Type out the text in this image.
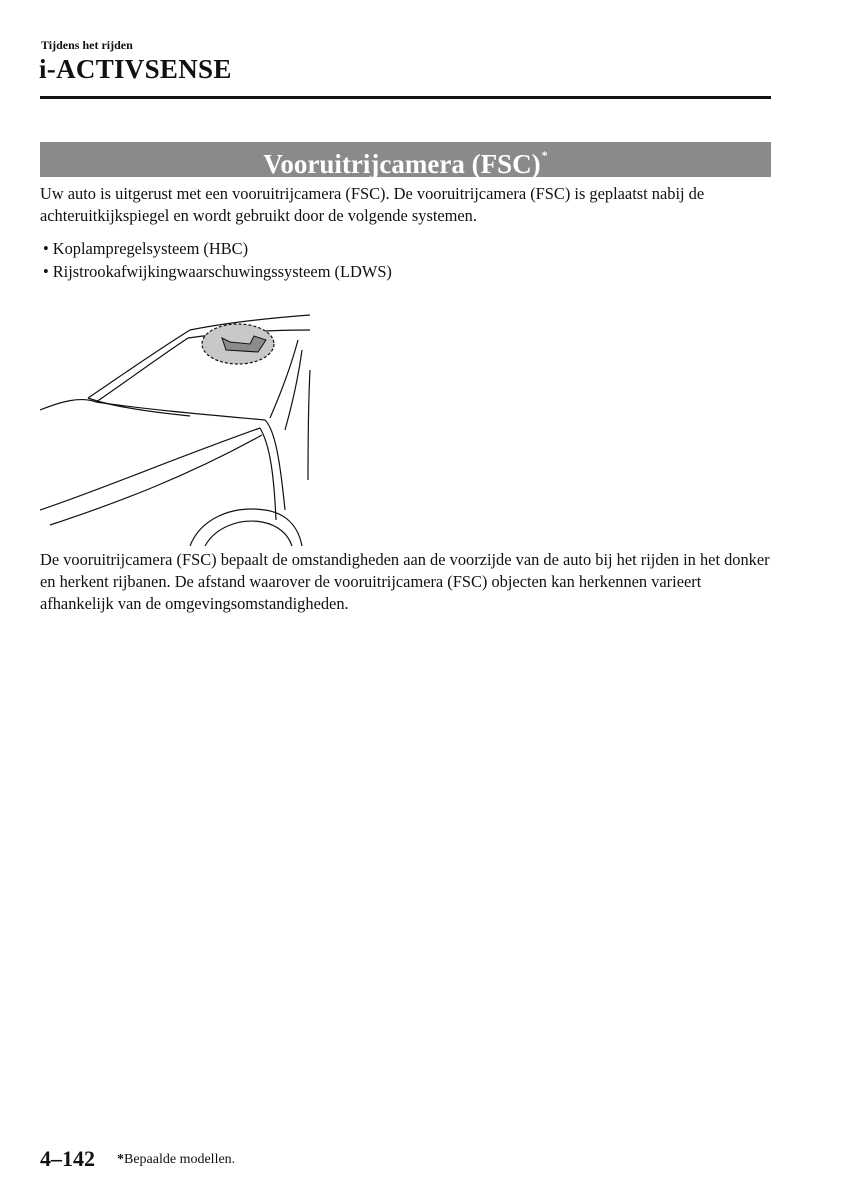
Tijdens het rijden
i-ACTIVSENSE
Vooruitrijcamera (FSC)*

Uw auto is uitgerust met een vooruitrijcamera (FSC). De vooruitrijcamera (FSC) is geplaatst nabij de achteruitkijkspiegel en wordt gebruikt door de volgende systemen.

• Koplampregelsysteem (HBC)
• Rijstrookafwijkingwaarschuwingssysteem (LDWS)

De vooruitrijcamera (FSC) bepaalt de omstandigheden aan de voorzijde van de auto bij het rijden in het donker en herkent rijbanen. De afstand waarover de vooruitrijcamera (FSC) objecten kan herkennen varieert afhankelijk van de omgevingsomstandigheden.

4–142 *Bepaalde modellen.
